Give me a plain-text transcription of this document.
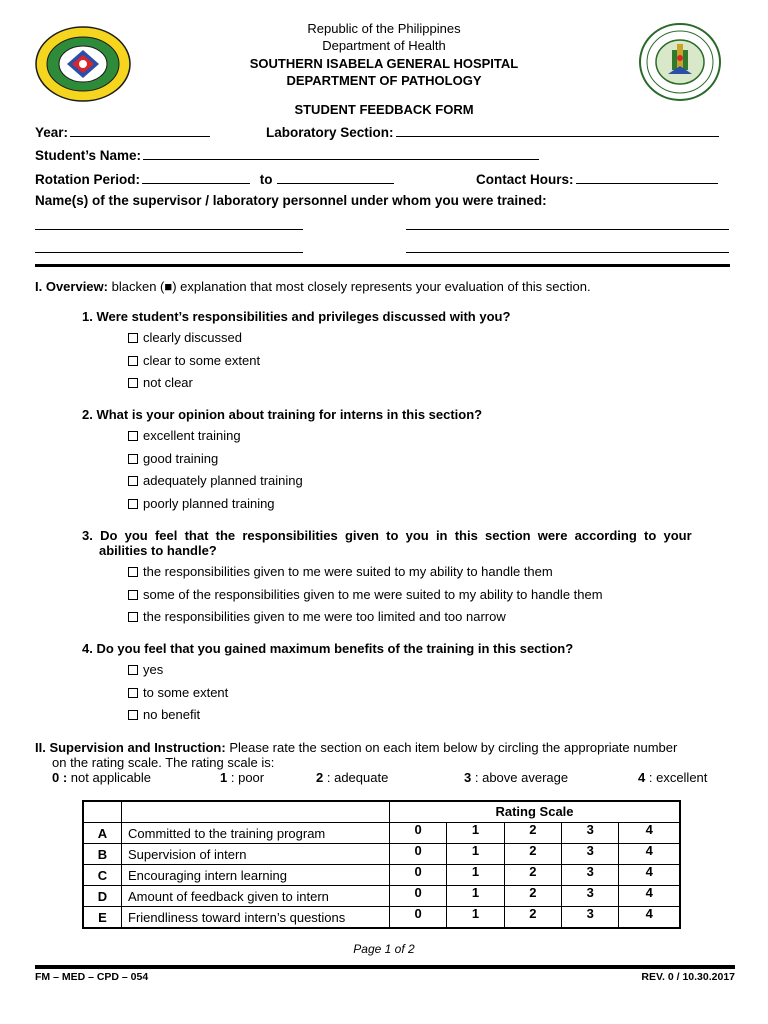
Republic of the Philippines
Department of Health
SOUTHERN ISABELA GENERAL HOSPITAL
DEPARTMENT OF PATHOLOGY
STUDENT FEEDBACK FORM
Year:	Laboratory Section:
Student’s Name:
Rotation Period:	to	Contact Hours:
Name(s) of the supervisor / laboratory personnel under whom you were trained:
I. Overview: blacken (■) explanation that most closely represents your evaluation of this section.
1. Were student’s responsibilities and privileges discussed with you?
clearly discussed
clear to some extent
not clear
2. What is your opinion about training for interns in this section?
excellent training
good training
adequately planned training
poorly planned training
3.  Do  you  feel  that  the  responsibilities  given  to  you  in  this  section  were  according  to  your
abilities to handle?
the responsibilities given to me were suited to my ability to handle them
some of the responsibilities given to me were suited to my ability to handle them
the responsibilities given to me were too limited and too narrow
4. Do you feel that you gained maximum benefits of the training in this section?
yes
to some extent
no benefit
II. Supervision and Instruction: Please rate the section on each item below by circling the appropriate number
on the rating scale. The rating scale is:
0 : not applicable	1 : poor	2 : adequate	3 : above average	4 : excellent
		Rating Scale				
A	Committed to the training program	0	1	2	3	4
B	Supervision of intern	0	1	2	3	4
C	Encouraging intern learning	0	1	2	3	4
D	Amount of feedback given to intern	0	1	2	3	4
E	Friendliness toward intern’s questions	0	1	2	3	4
Page 1 of 2
FM – MED – CPD – 054	REV. 0 / 10.30.2017
